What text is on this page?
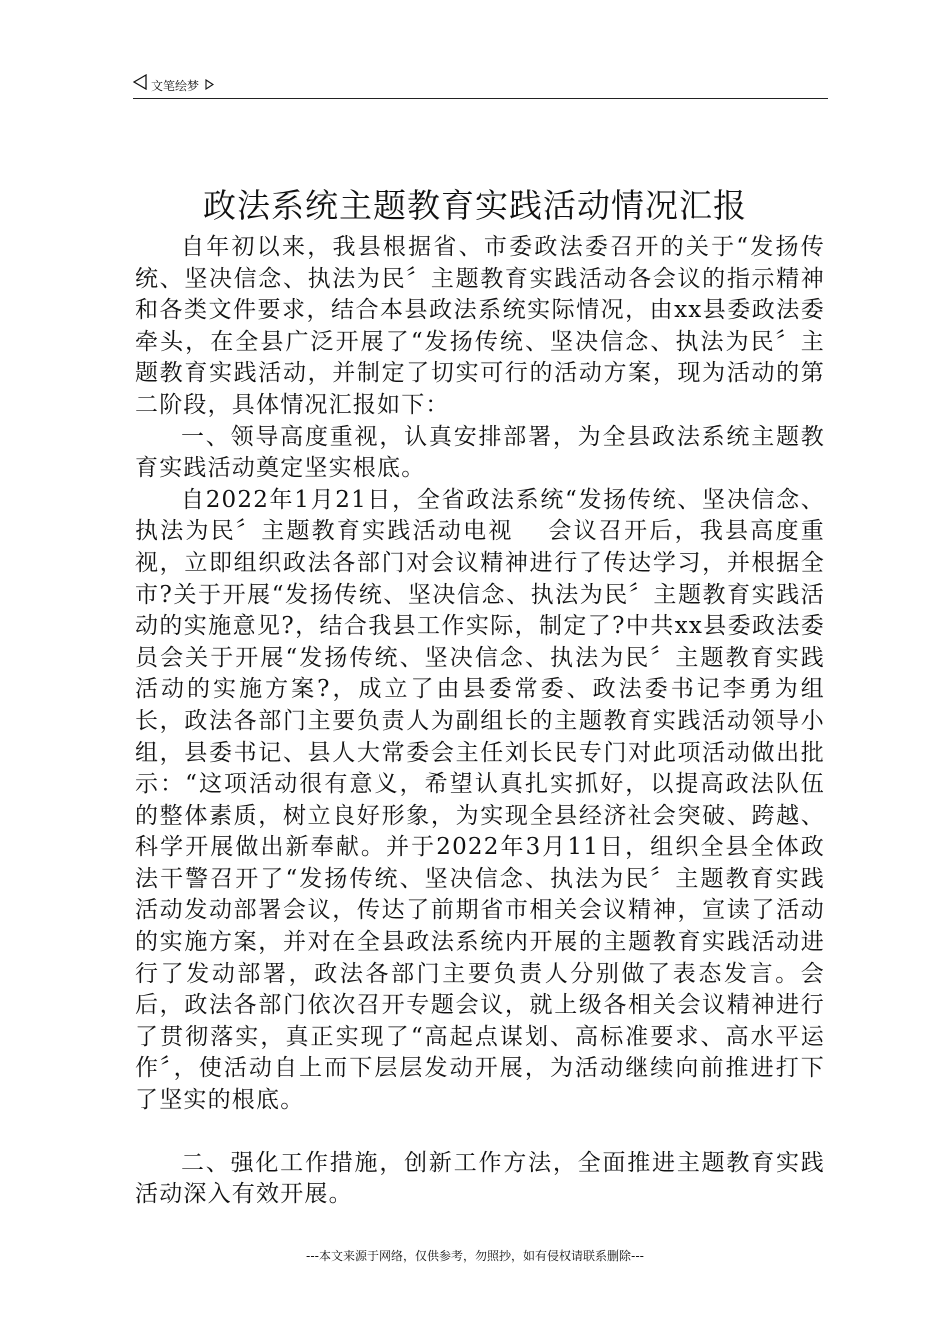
文笔绘梦
政法系统主题教育实践活动情况汇报

自年初以来，我县根据省、市委政法委召开的关于“发扬传统、坚决信念、执法为民〞主题教育实践活动各会议的指示精神和各类文件要求，结合本县政法系统实际情况，由xx县委政法委牵头，在全县广泛开展了“发扬传统、坚决信念、执法为民〞主题教育实践活动，并制定了切实可行的活动方案，现为活动的第二阶段，具体情况汇报如下：

一、领导高度重视，认真安排部署，为全县政法系统主题教育实践活动奠定坚实根底。

自2022年1月21日，全省政法系统“发扬传统、坚决信念、执法为民〞主题教育实践活动电视　 会议召开后，我县高度重视，立即组织政法各部门对会议精神进行了传达学习，并根据全市?关于开展“发扬传统、坚决信念、执法为民〞主题教育实践活动的实施意见?，结合我县工作实际，制定了?中共xx县委政法委员会关于开展“发扬传统、坚决信念、执法为民〞主题教育实践活动的实施方案?，成立了由县委常委、政法委书记李勇为组长，政法各部门主要负责人为副组长的主题教育实践活动领导小组，县委书记、县人大常委会主任刘长民专门对此项活动做出批示：“这项活动很有意义，希望认真扎实抓好，以提高政法队伍的整体素质，树立良好形象，为实现全县经济社会突破、跨越、科学开展做出新奉献。并于2022年3月11日，组织全县全体政法干警召开了“发扬传统、坚决信念、执法为民〞主题教育实践活动发动部署会议，传达了前期省市相关会议精神，宣读了活动的实施方案，并对在全县政法系统内开展的主题教育实践活动进行了发动部署，政法各部门主要负责人分别做了表态发言。会后，政法各部门依次召开专题会议，就上级各相关会议精神进行了贯彻落实，真正实现了“高起点谋划、高标准要求、高水平运作〞，使活动自上而下层层发动开展，为活动继续向前推进打下了坚实的根底。

二、强化工作措施，创新工作方法，全面推进主题教育实践活动深入有效开展。

---本文来源于网络，仅供参考，勿照抄，如有侵权请联系删除---
